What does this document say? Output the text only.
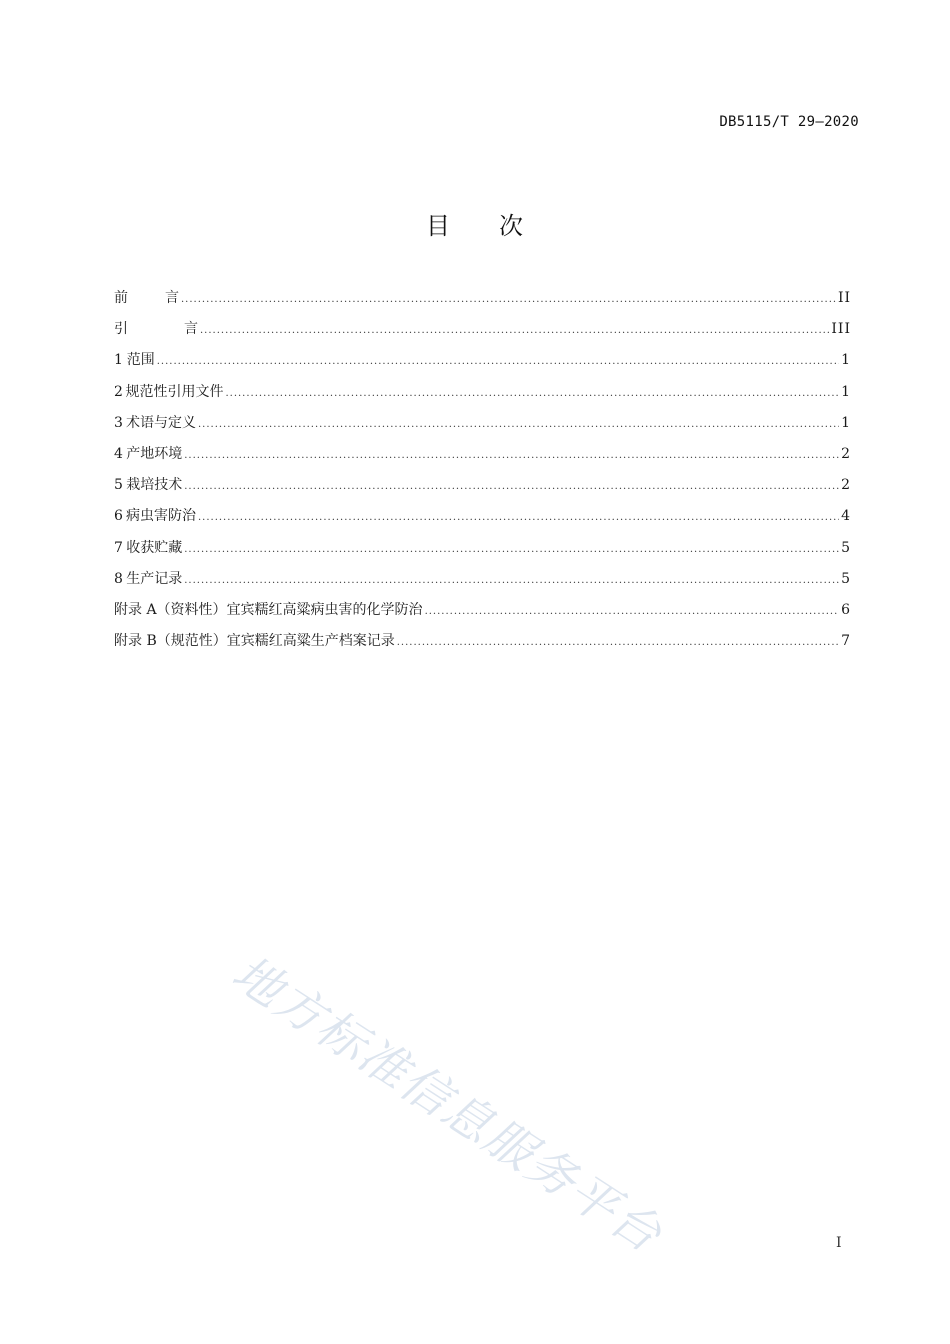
DB5115/T 29—2020
目 次
前	言 .....	II
引	言 .....	III
1 范围 .....	1
2 规范性引用文件 .....	1
3 术语与定义 .....	1
4 产地环境 .....	2
5 栽培技术 .....	2
6 病虫害防治 .....	4
7 收获贮藏 .....	5
8 生产记录 .....	5
附录 A（资料性） 宜宾糯红高粱病虫害的化学防治 .....	6
附录 B（规范性） 宜宾糯红高粱生产档案记录 .....	7
地方标准信息服务平台	I
